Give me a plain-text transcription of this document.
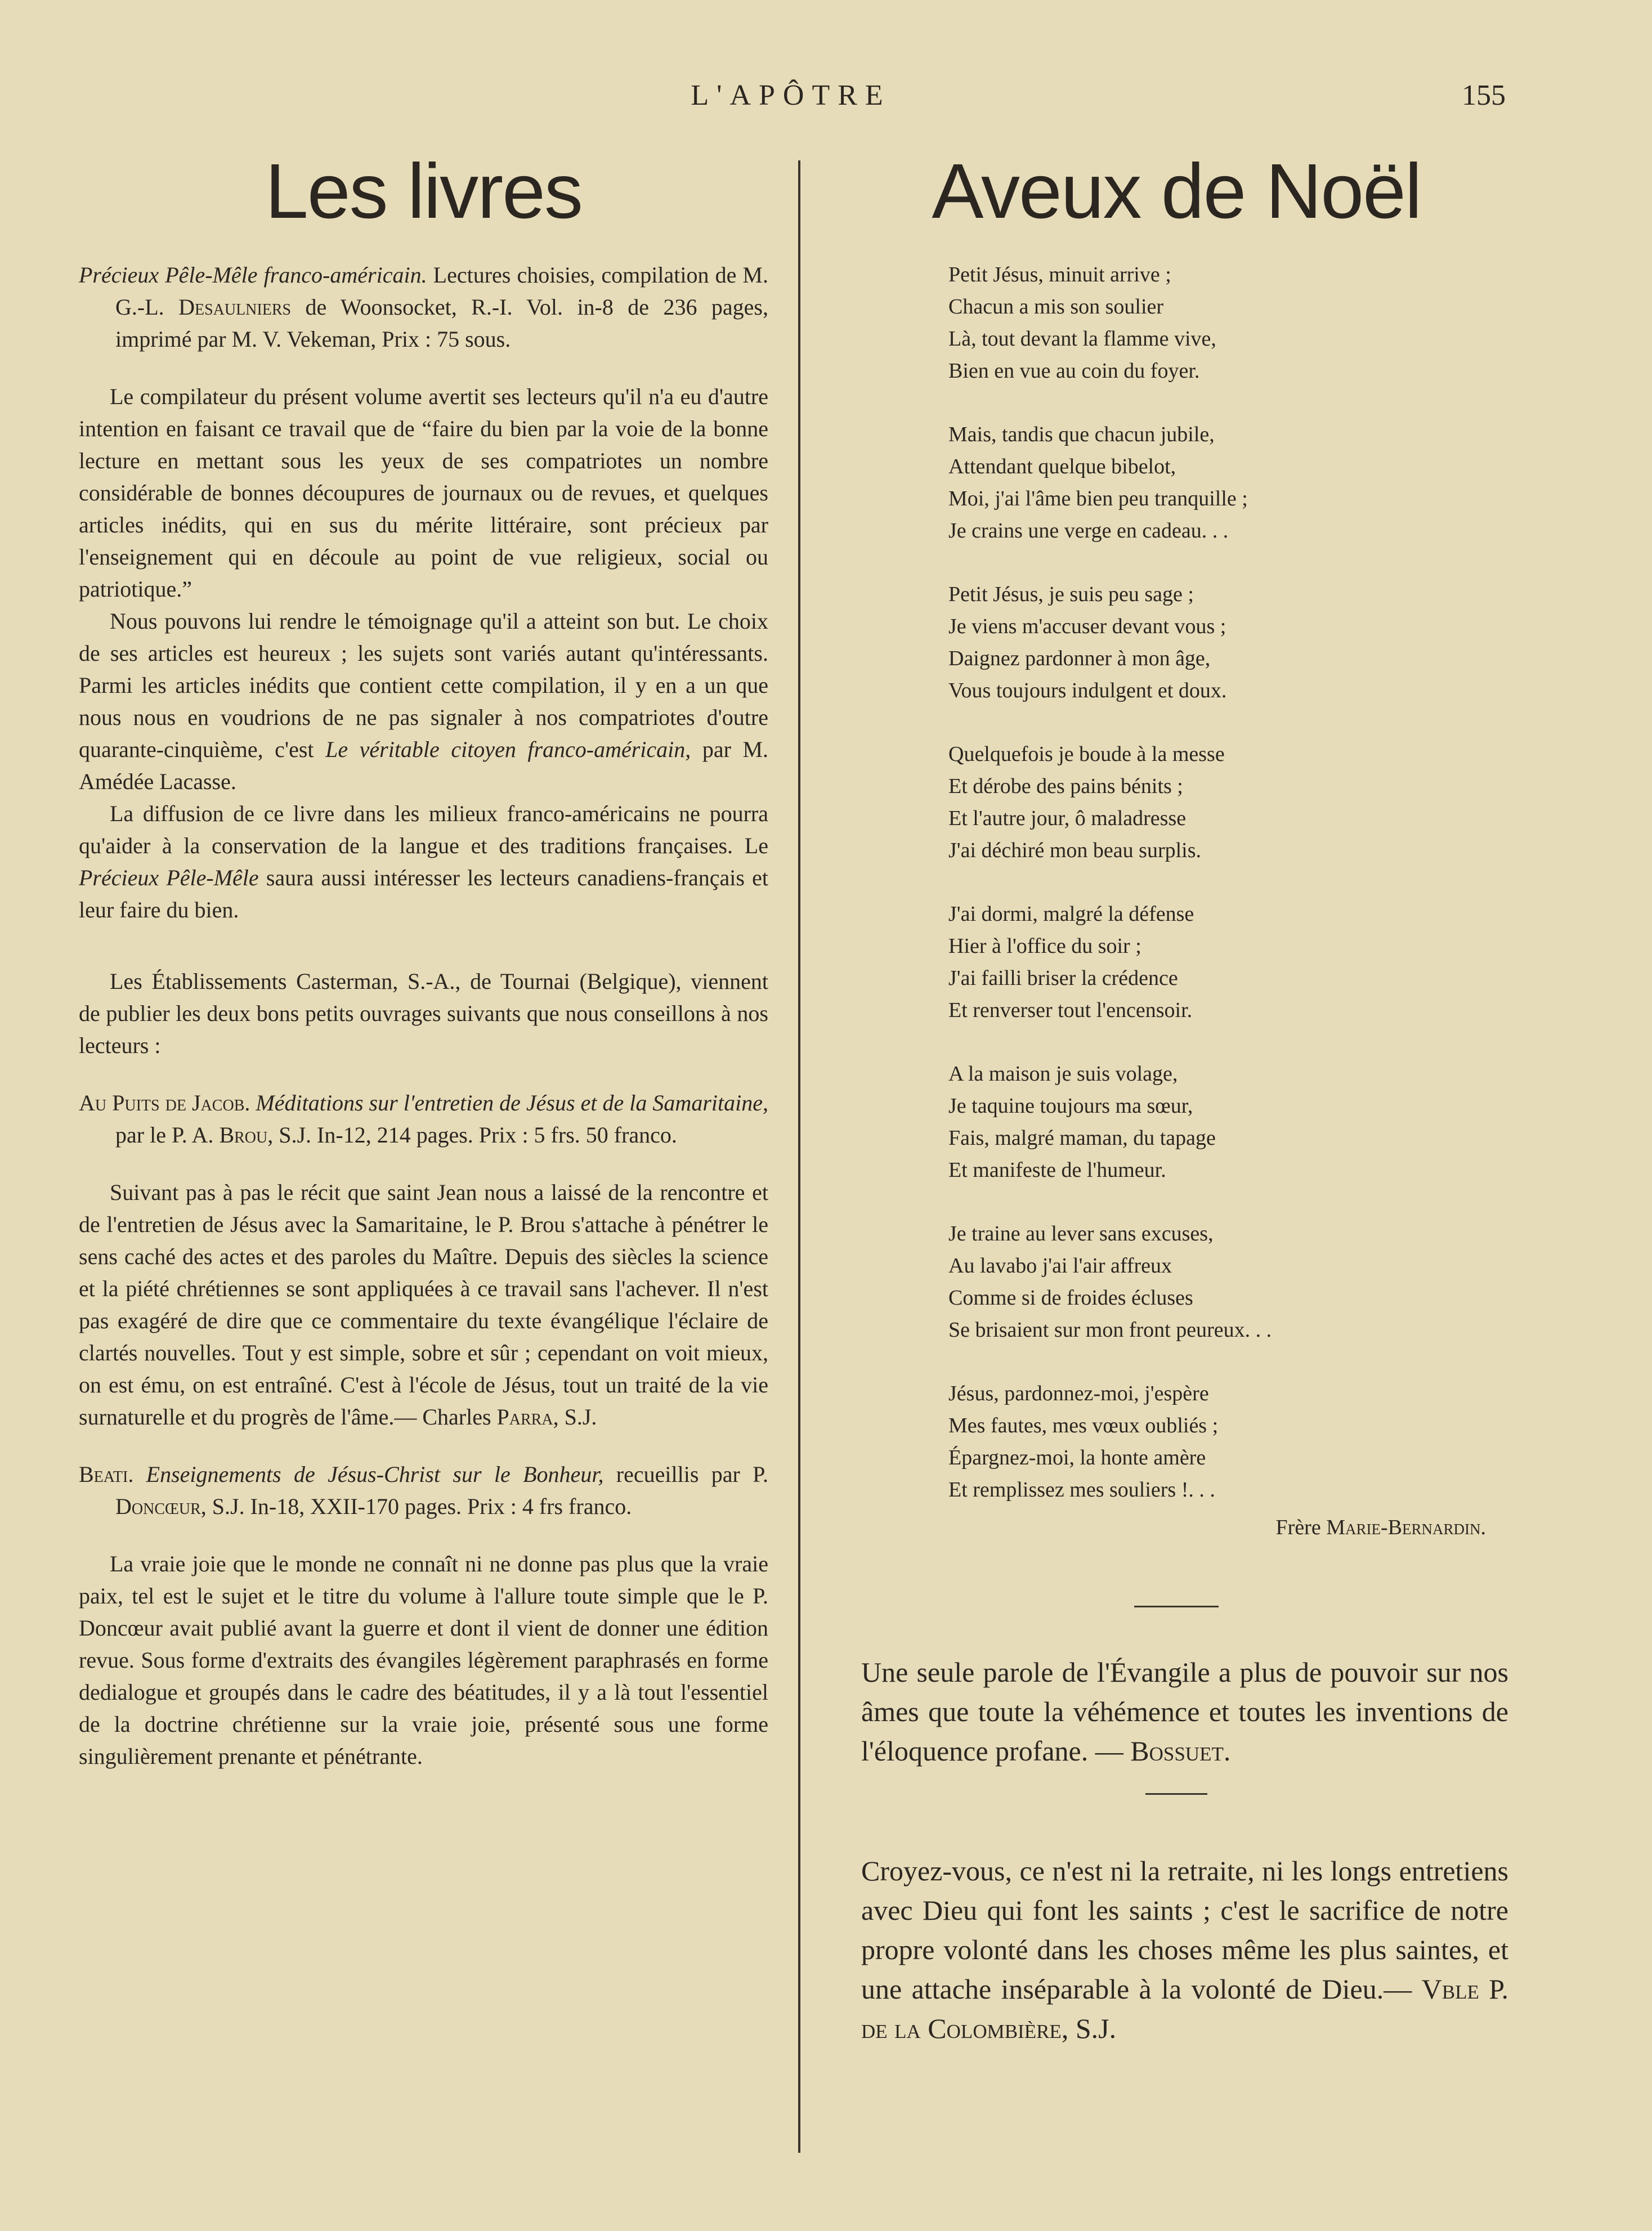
L'APÔTRE	155
Les livres

Précieux Pêle-Mêle franco-américain. Lectures choisies, compilation de M. G.-L. Desaulniers de Woonsocket, R.-I. Vol. in-8 de 236 pages, imprimé par M. V. Vekeman, Prix : 75 sous.

Le compilateur du présent volume avertit ses lecteurs qu'il n'a eu d'autre intention en faisant ce travail que de “faire du bien par la voie de la bonne lecture en mettant sous les yeux de ses compatriotes un nombre considérable de bonnes découpures de journaux ou de revues, et quelques articles inédits, qui en sus du mérite littéraire, sont précieux par l'enseignement qui en découle au point de vue religieux, social ou patriotique.”

Nous pouvons lui rendre le témoignage qu'il a atteint son but. Le choix de ses articles est heureux ; les sujets sont variés autant qu'intéressants. Parmi les articles inédits que contient cette compilation, il y en a un que nous nous en voudrions de ne pas signaler à nos compatriotes d'outre quarante-cinquième, c'est Le véritable citoyen franco-américain, par M. Amédée Lacasse.

La diffusion de ce livre dans les milieux franco-américains ne pourra qu'aider à la conservation de la langue et des traditions françaises. Le Précieux Pêle-Mêle saura aussi intéresser les lecteurs canadiens-français et leur faire du bien.

Les Établissements Casterman, S.-A., de Tournai (Belgique), viennent de publier les deux bons petits ouvrages suivants que nous conseillons à nos lecteurs :

Au Puits de Jacob. Méditations sur l'entretien de Jésus et de la Samaritaine, par le P. A. Brou, S.J. In-12, 214 pages. Prix : 5 frs. 50 franco.

Suivant pas à pas le récit que saint Jean nous a laissé de la rencontre et de l'entretien de Jésus avec la Samaritaine, le P. Brou s'attache à pénétrer le sens caché des actes et des paroles du Maître. Depuis des siècles la science et la piété chrétiennes se sont appliquées à ce travail sans l'achever. Il n'est pas exagéré de dire que ce commentaire du texte évangélique l'éclaire de clartés nouvelles. Tout y est simple, sobre et sûr ; cependant on voit mieux, on est ému, on est entraîné. C'est à l'école de Jésus, tout un traité de la vie surnaturelle et du progrès de l'âme.— Charles Parra, S.J.

Beati. Enseignements de Jésus-Christ sur le Bonheur, recueillis par P. Doncœur, S.J. In-18, XXII-170 pages. Prix : 4 frs franco.

La vraie joie que le monde ne connaît ni ne donne pas plus que la vraie paix, tel est le sujet et le titre du volume à l'allure toute simple que le P. Doncœur avait publié avant la guerre et dont il vient de donner une édition revue. Sous forme d'extraits des évangiles légèrement paraphrasés en forme dedialogue et groupés dans le cadre des béatitudes, il y a là tout l'essentiel de la doctrine chrétienne sur la vraie joie, présenté sous une forme singulièrement prenante et pénétrante.

Aveux de Noël
Petit Jésus, minuit arrive ;
Chacun a mis son soulier
Là, tout devant la flamme vive,
Bien en vue au coin du foyer.
Mais, tandis que chacun jubile,
Attendant quelque bibelot,
Moi, j'ai l'âme bien peu tranquille ;
Je crains une verge en cadeau. . .
Petit Jésus, je suis peu sage ;
Je viens m'accuser devant vous ;
Daignez pardonner à mon âge,
Vous toujours indulgent et doux.
Quelquefois je boude à la messe
Et dérobe des pains bénits ;
Et l'autre jour, ô maladresse
J'ai déchiré mon beau surplis.
J'ai dormi, malgré la défense
Hier à l'office du soir ;
J'ai failli briser la crédence
Et renverser tout l'encensoir.
A la maison je suis volage,
Je taquine toujours ma sœur,
Fais, malgré maman, du tapage
Et manifeste de l'humeur.
Je traine au lever sans excuses,
Au lavabo j'ai l'air affreux
Comme si de froides écluses
Se brisaient sur mon front peureux. . .
Jésus, pardonnez-moi, j'espère
Mes fautes, mes vœux oubliés ;
Épargnez-moi, la honte amère
Et remplissez mes souliers !. . .

Frère Marie-Bernardin.

Une seule parole de l'Évangile a plus de pouvoir sur nos âmes que toute la véhémence et toutes les inventions de l'éloquence profane. — Bossuet.

Croyez-vous, ce n'est ni la retraite, ni les longs entretiens avec Dieu qui font les saints ; c'est le sacrifice de notre propre volonté dans les choses même les plus saintes, et une attache inséparable à la volonté de Dieu.— Vble P. de la Colombière, S.J.
